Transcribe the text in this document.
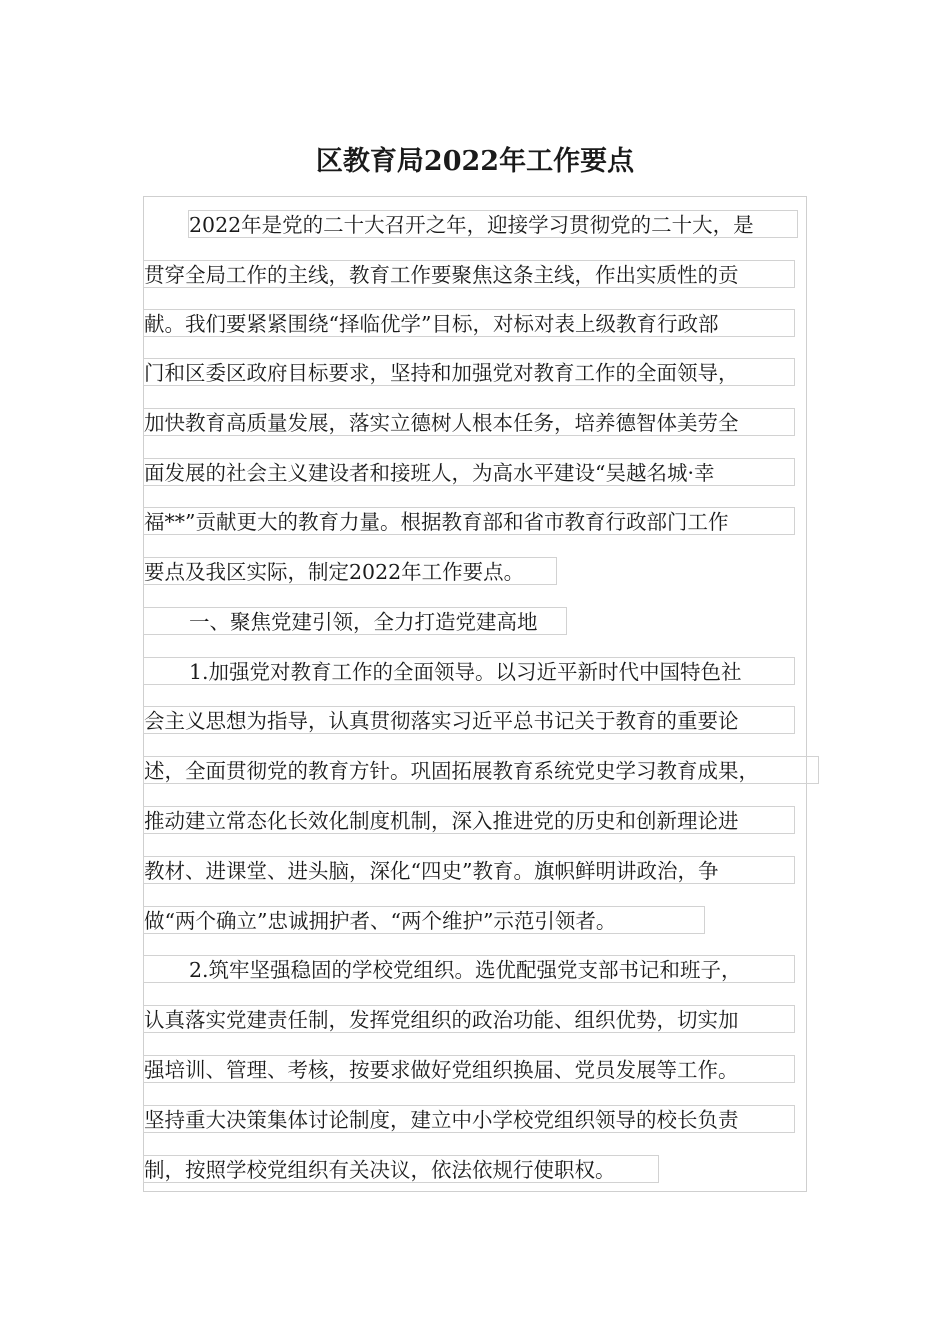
区教育局2022年工作要点

2022年是党的二十大召开之年，迎接学习贯彻党的二十大，是

贯穿全局工作的主线，教育工作要聚焦这条主线，作出实质性的贡

献。我们要紧紧围绕“择临优学”目标，对标对表上级教育行政部

门和区委区政府目标要求，坚持和加强党对教育工作的全面领导，

加快教育高质量发展，落实立德树人根本任务，培养德智体美劳全

面发展的社会主义建设者和接班人，为高水平建设“吴越名城·幸

福**”贡献更大的教育力量。根据教育部和省市教育行政部门工作

要点及我区实际，制定2022年工作要点。

一、聚焦党建引领，全力打造党建高地

1.加强党对教育工作的全面领导。以习近平新时代中国特色社

会主义思想为指导，认真贯彻落实习近平总书记关于教育的重要论

述，全面贯彻党的教育方针。巩固拓展教育系统党史学习教育成果，

推动建立常态化长效化制度机制，深入推进党的历史和创新理论进

教材、进课堂、进头脑，深化“四史”教育。旗帜鲜明讲政治，争

做“两个确立”忠诚拥护者、“两个维护”示范引领者。

2.筑牢坚强稳固的学校党组织。选优配强党支部书记和班子，

认真落实党建责任制，发挥党组织的政治功能、组织优势，切实加

强培训、管理、考核，按要求做好党组织换届、党员发展等工作。

坚持重大决策集体讨论制度，建立中小学校党组织领导的校长负责

制，按照学校党组织有关决议，依法依规行使职权。
